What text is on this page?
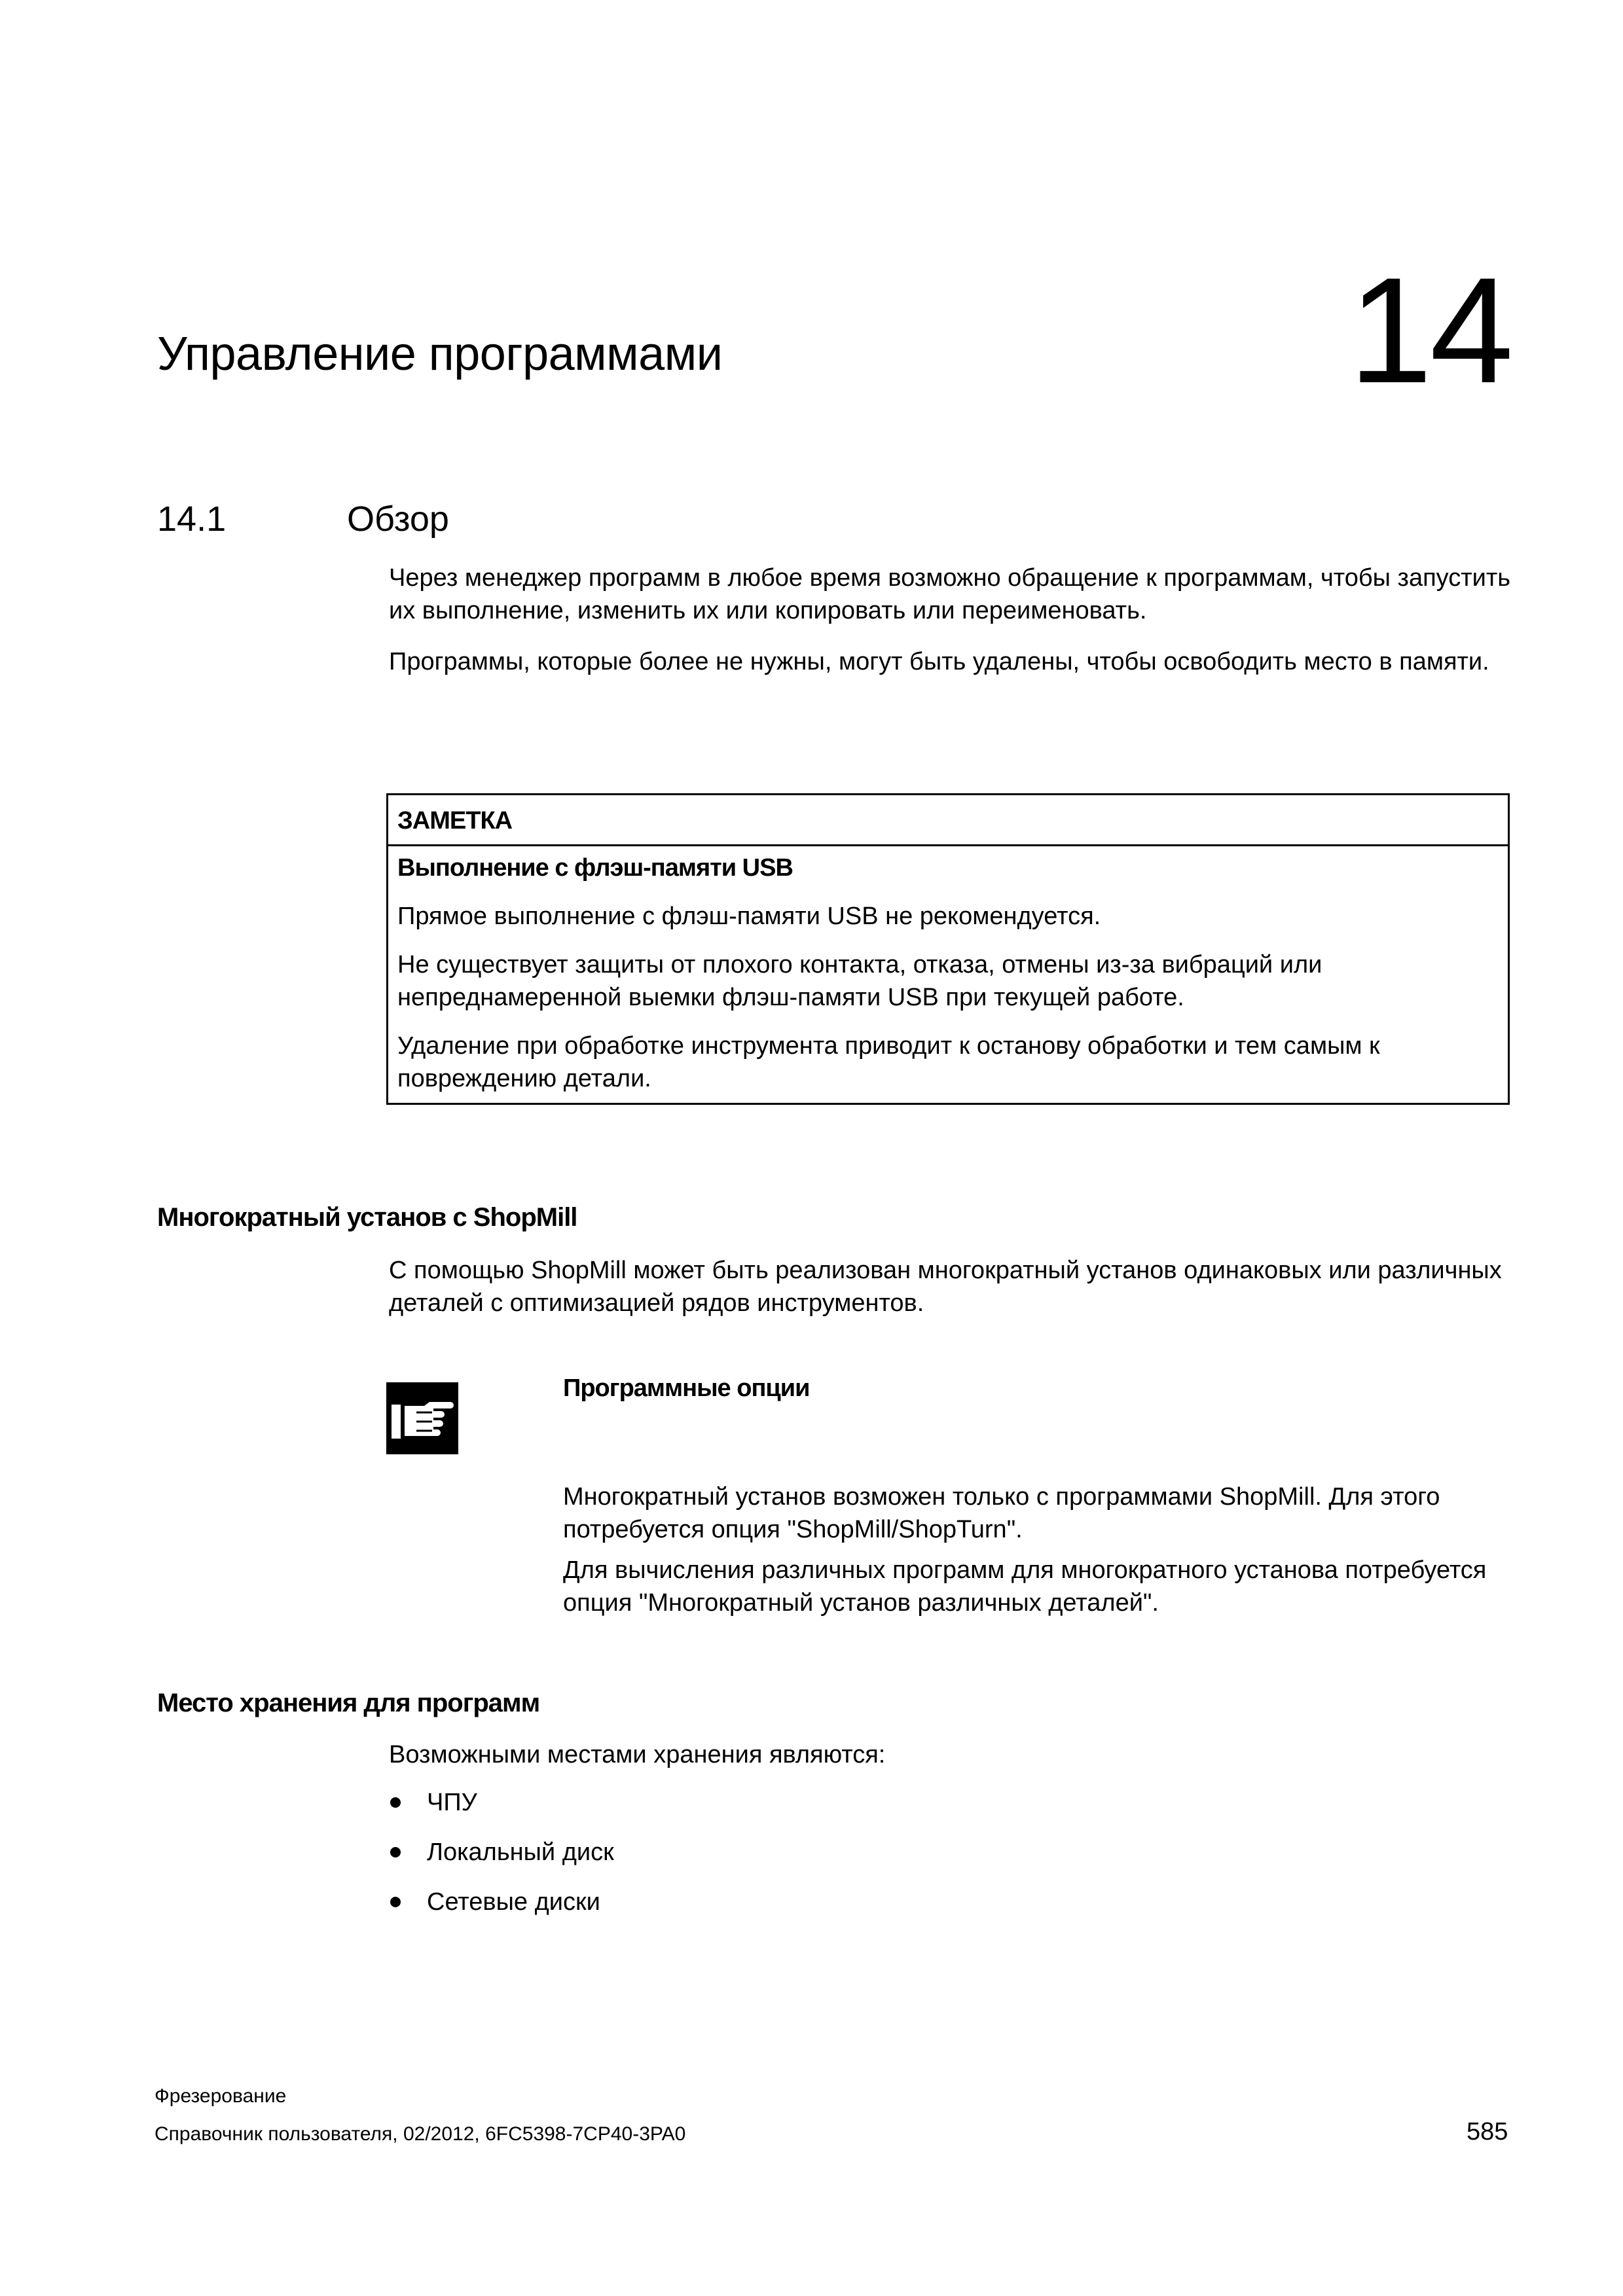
Управление программами	14
14.1	Обзор
Через менеджер программ в любое время возможно обращение к программам, чтобы запустить их выполнение, изменить их или копировать или переименовать.
Программы, которые более не нужны, могут быть удалены, чтобы освободить место в памяти.
ЗАМЕТКА
Выполнение с флэш-памяти USB
Прямое выполнение с флэш-памяти USB не рекомендуется.
Не существует защиты от плохого контакта, отказа, отмены из-за вибраций или непреднамеренной выемки флэш-памяти USB при текущей работе.
Удаление при обработке инструмента приводит к останову обработки и тем самым к повреждению детали.
Многократный установ с ShopMill
С помощью ShopMill может быть реализован многократный установ одинаковых или различных деталей с оптимизацией рядов инструментов.
Программные опции
Многократный установ возможен только с программами ShopMill. Для этого потребуется опция "ShopMill/ShopTurn".
Для вычисления различных программ для многократного установа потребуется опция "Многократный установ различных деталей".
Место хранения для программ
Возможными местами хранения являются:
ЧПУ
Локальный диск
Сетевые диски
Фрезерование
Справочник пользователя, 02/2012, 6FC5398-7CP40-3PA0	585
